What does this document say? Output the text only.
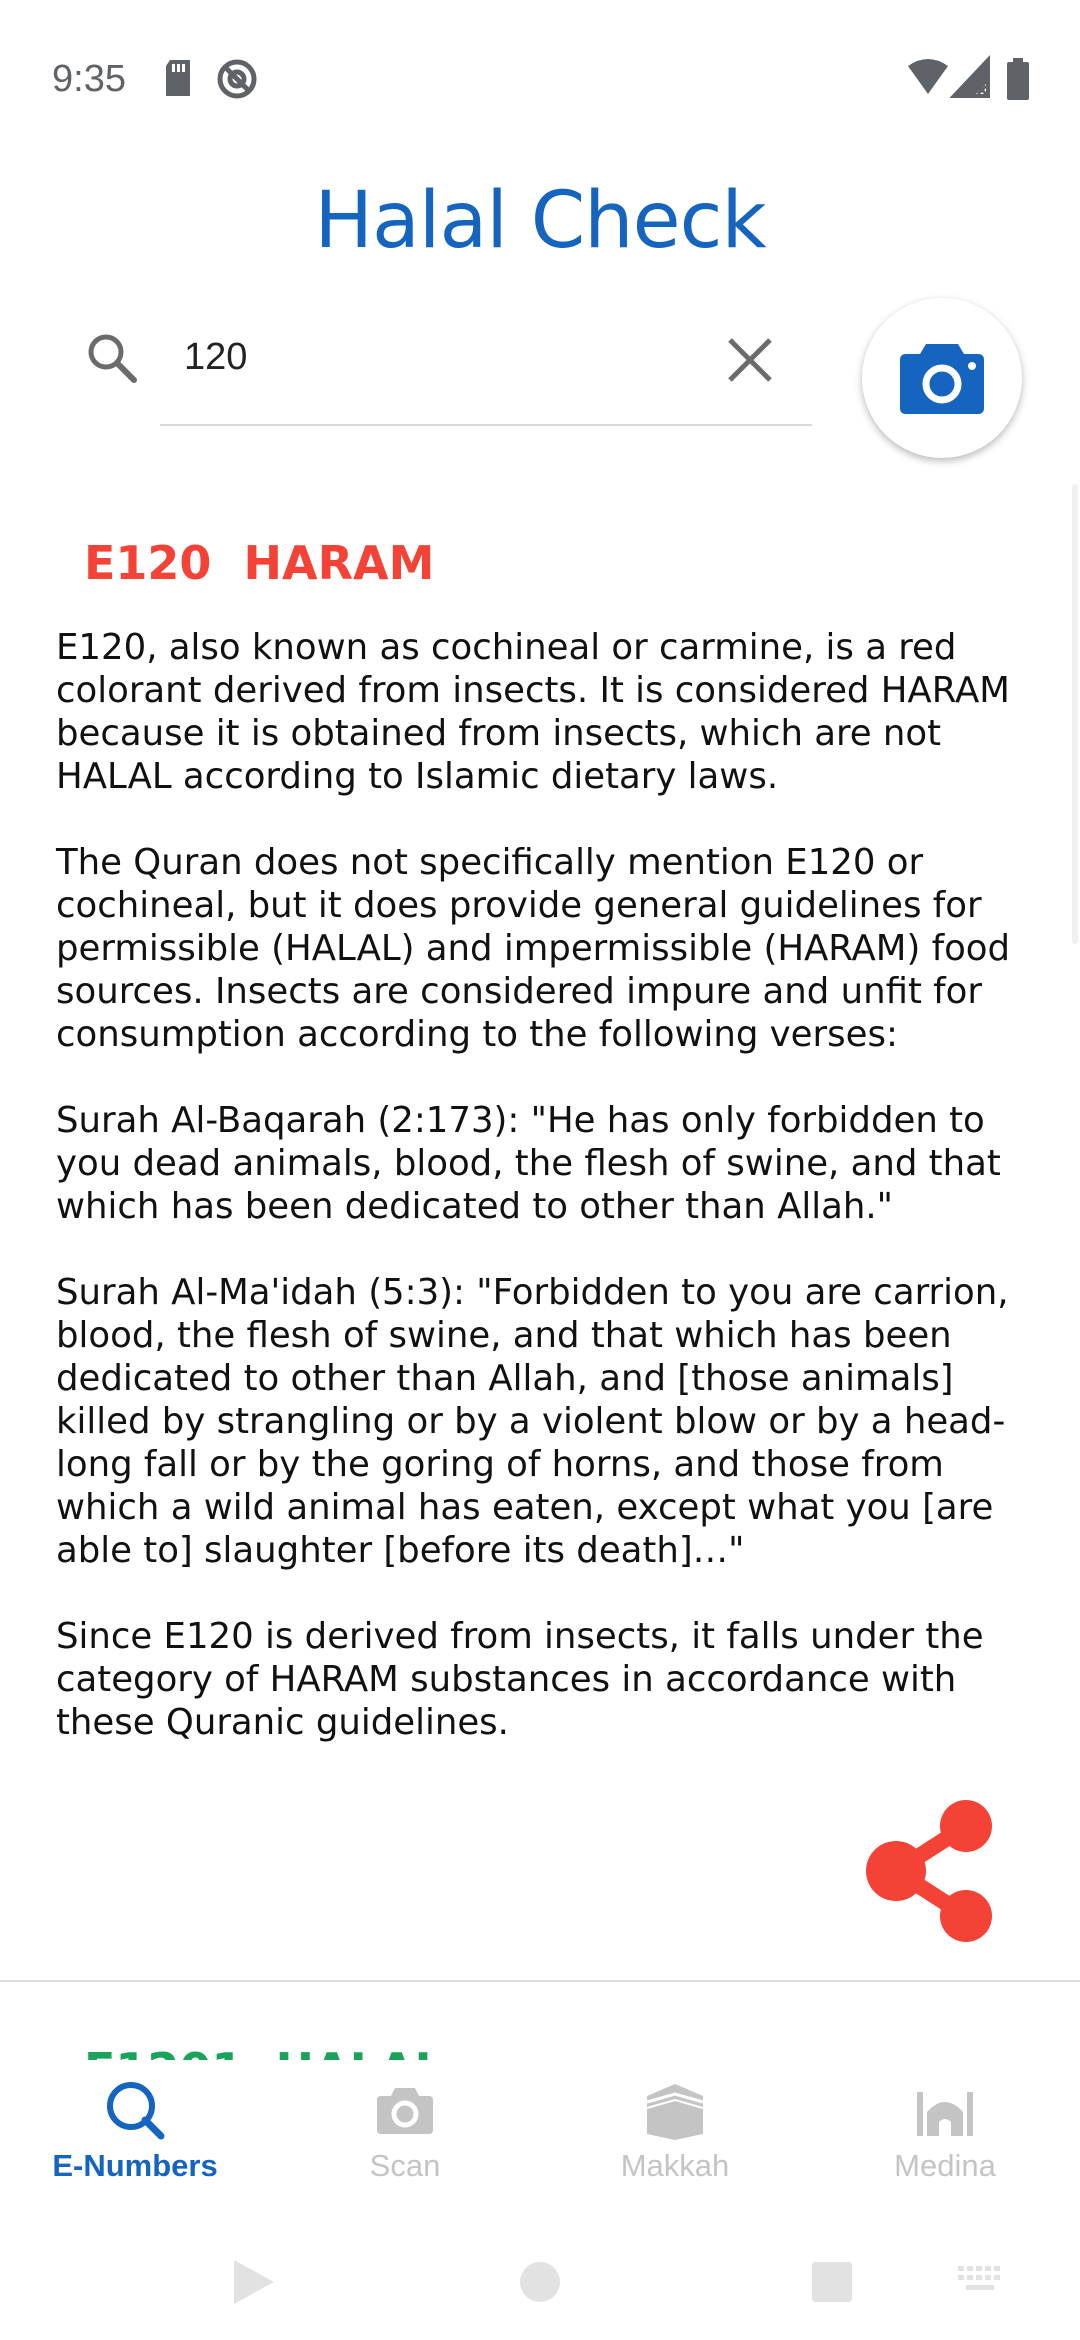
9:35
Halal Check
120
E120  HARAM

E120, also known as cochineal or carmine, is a red colorant derived from insects. It is considered HARAM because it is obtained from insects, which are not HALAL according to Islamic dietary laws.

The Quran does not specifically mention E120 or cochineal, but it does provide general guidelines for permissible (HALAL) and impermissible (HARAM) food sources. Insects are considered impure and unfit for consumption according to the following verses:

Surah Al-Baqarah (2:173): "He has only forbidden to you dead animals, blood, the flesh of swine, and that which has been dedicated to other than Allah."

Surah Al-Ma'idah (5:3): "Forbidden to you are carrion, blood, the flesh of swine, and that which has been dedicated to other than Allah, and [those animals] killed by strangling or by a violent blow or by a head-long fall or by the goring of horns, and those from which a wild animal has eaten, except what you [are able to] slaughter [before its death]…"

Since E120 is derived from insects, it falls under the category of HARAM substances in accordance with these Quranic guidelines.

E-Numbers	Scan	Makkah	Medina
